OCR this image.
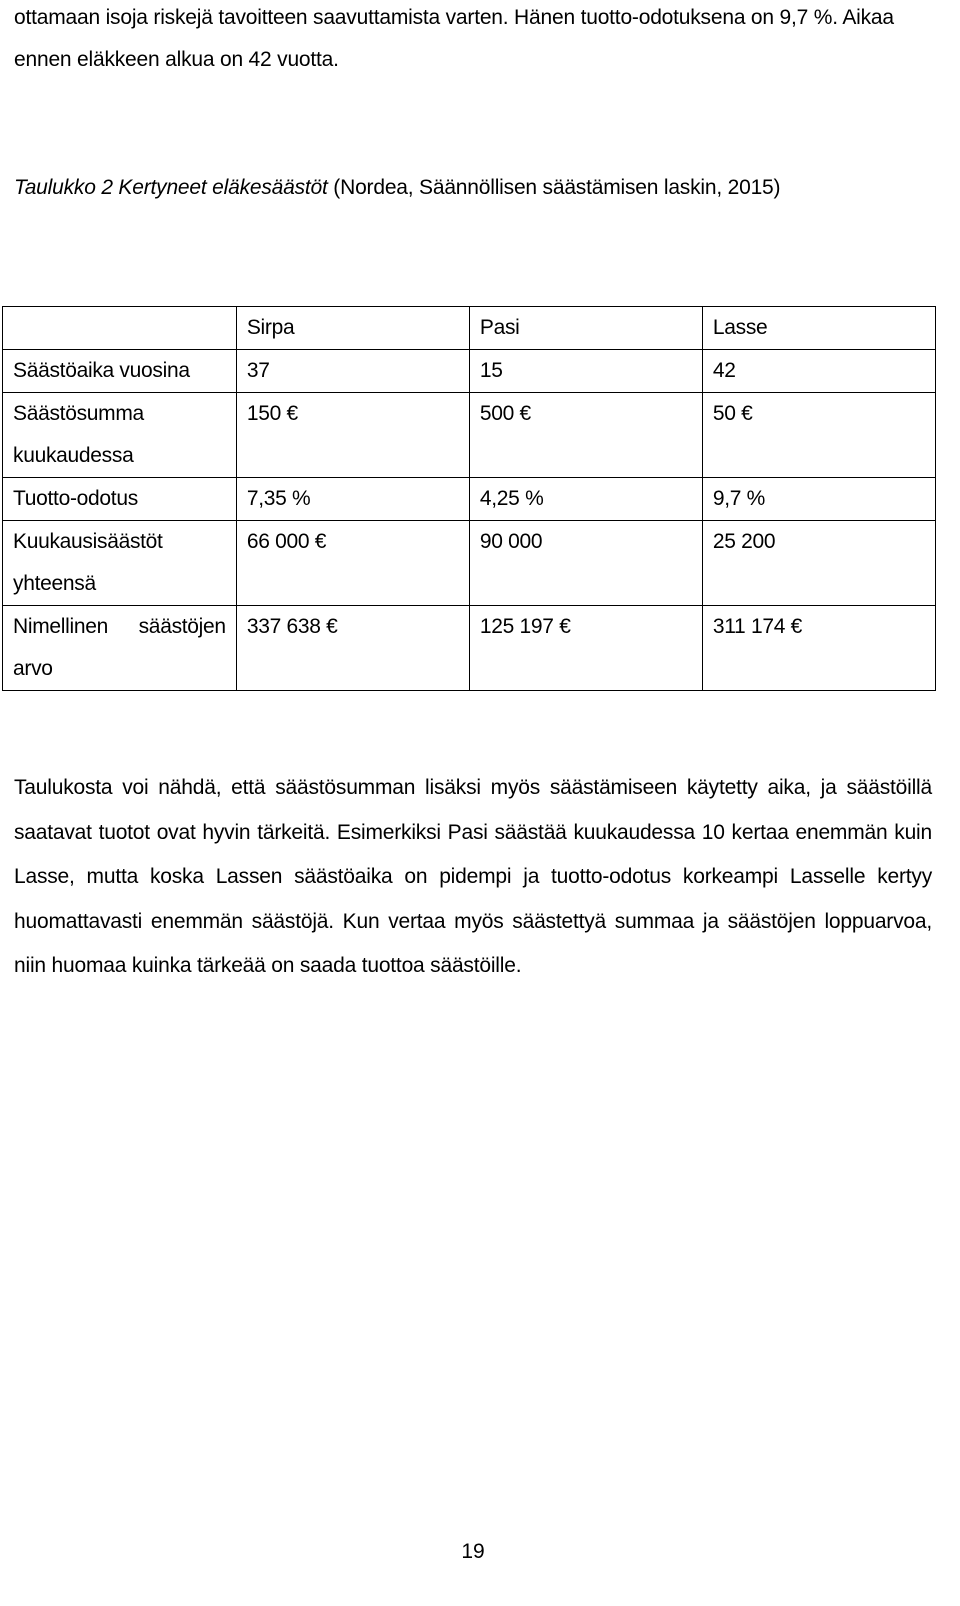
ottamaan isoja riskejä tavoitteen saavuttamista varten. Hänen tuotto-odotuksena on 9,7 %. Aikaa
ennen eläkkeen alkua on 42 vuotta.

Taulukko 2 Kertyneet eläkesäästöt (Nordea, Säännöllisen säästämisen laskin, 2015)

	Sirpa	Pasi	Lasse

Säästöaika vuosina	37	15	42

Säästösumma
kuukaudessa	150 €	500 €	50 €

Tuotto-odotus	7,35 %	4,25 %	9,7 %

Kuukausisäästöt
yhteensä	66 000 €	90 000	25 200

Nimellinen säästöjen
arvo	337 638 €	125 197 €	311 174 €

Taulukosta voi nähdä, että säästösumman lisäksi myös säästämiseen käytetty aika, ja säästöillä saatavat tuotot ovat hyvin tärkeitä. Esimerkiksi Pasi säästää kuukaudessa 10 kertaa enemmän kuin Lasse, mutta koska Lassen säästöaika on pidempi ja tuotto-odotus korkeampi Lasselle kertyy huomattavasti enemmän säästöjä. Kun vertaa myös säästettyä summaa ja säästöjen loppuarvoa, niin huomaa kuinka tärkeää on saada tuottoa säästöille.

19
